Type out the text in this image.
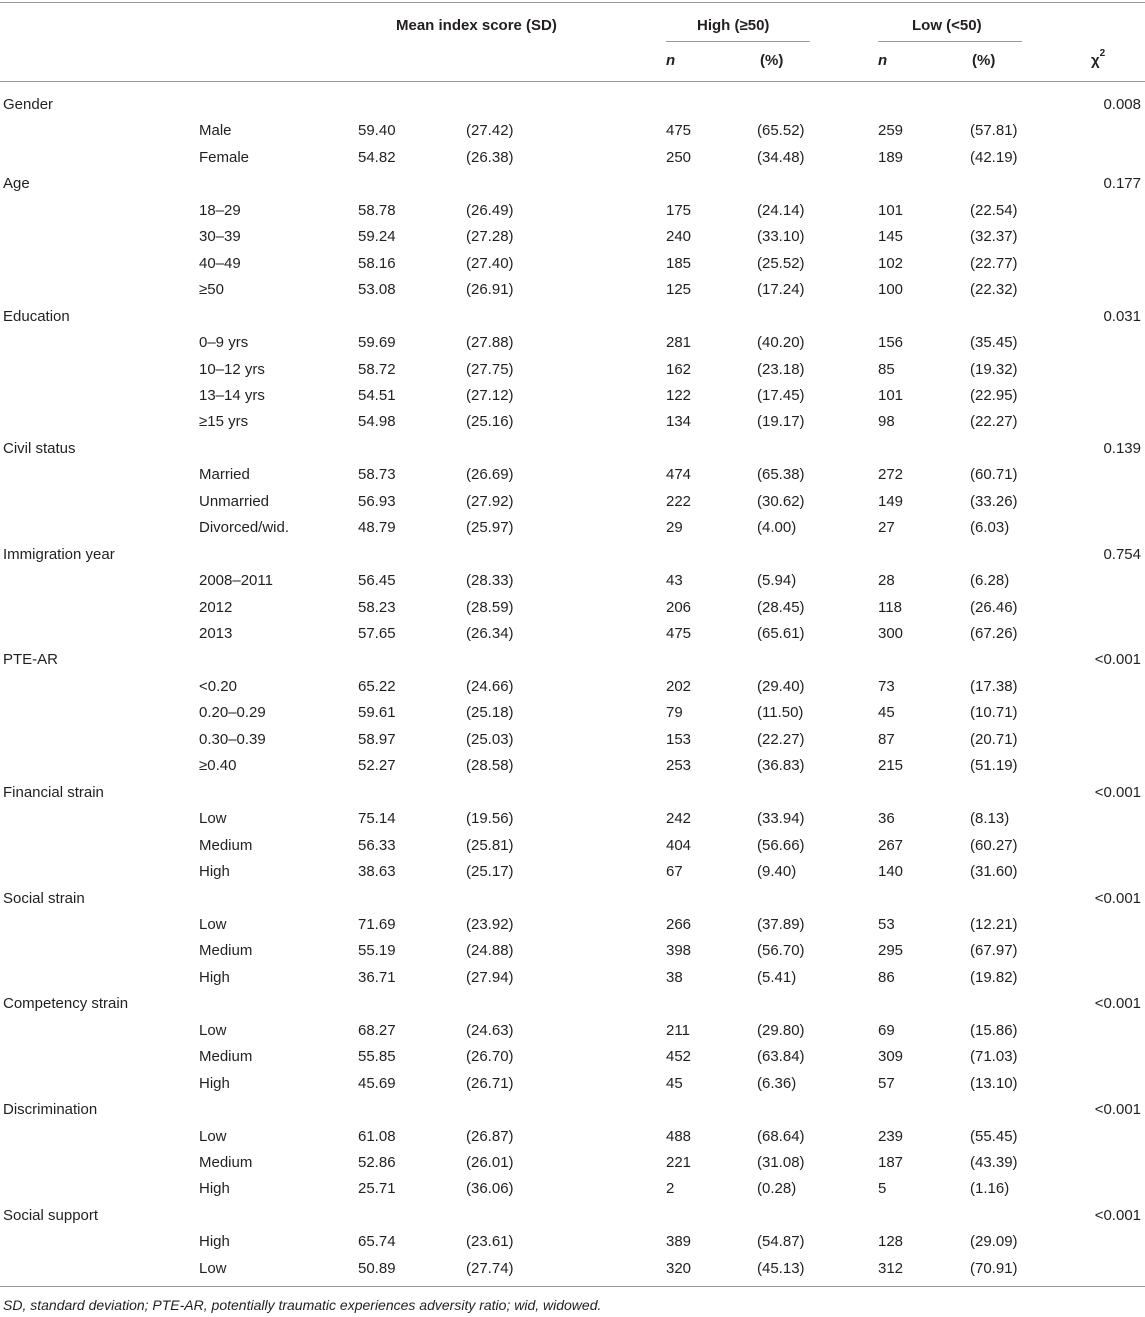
Mean index score (SD)	High (≥50)	Low (<50)
n	(%)	n	(%)	$\chi^2$
Gender	0.008
Male	59.40	(27.42)	475	(65.52)	259	(57.81)
Female	54.82	(26.38)	250	(34.48)	189	(42.19)
Age	0.177
18–29	58.78	(26.49)	175	(24.14)	101	(22.54)
30–39	59.24	(27.28)	240	(33.10)	145	(32.37)
40–49	58.16	(27.40)	185	(25.52)	102	(22.77)
≥50	53.08	(26.91)	125	(17.24)	100	(22.32)
Education	0.031
0–9 yrs	59.69	(27.88)	281	(40.20)	156	(35.45)
10–12 yrs	58.72	(27.75)	162	(23.18)	85	(19.32)
13–14 yrs	54.51	(27.12)	122	(17.45)	101	(22.95)
≥15 yrs	54.98	(25.16)	134	(19.17)	98	(22.27)
Civil status	0.139
Married	58.73	(26.69)	474	(65.38)	272	(60.71)
Unmarried	56.93	(27.92)	222	(30.62)	149	(33.26)
Divorced/wid.	48.79	(25.97)	29	(4.00)	27	(6.03)
Immigration year	0.754
2008–2011	56.45	(28.33)	43	(5.94)	28	(6.28)
2012	58.23	(28.59)	206	(28.45)	118	(26.46)
2013	57.65	(26.34)	475	(65.61)	300	(67.26)
PTE-AR	<0.001
<0.20	65.22	(24.66)	202	(29.40)	73	(17.38)
0.20–0.29	59.61	(25.18)	79	(11.50)	45	(10.71)
0.30–0.39	58.97	(25.03)	153	(22.27)	87	(20.71)
≥0.40	52.27	(28.58)	253	(36.83)	215	(51.19)
Financial strain	<0.001
Low	75.14	(19.56)	242	(33.94)	36	(8.13)
Medium	56.33	(25.81)	404	(56.66)	267	(60.27)
High	38.63	(25.17)	67	(9.40)	140	(31.60)
Social strain	<0.001
Low	71.69	(23.92)	266	(37.89)	53	(12.21)
Medium	55.19	(24.88)	398	(56.70)	295	(67.97)
High	36.71	(27.94)	38	(5.41)	86	(19.82)
Competency strain	<0.001
Low	68.27	(24.63)	211	(29.80)	69	(15.86)
Medium	55.85	(26.70)	452	(63.84)	309	(71.03)
High	45.69	(26.71)	45	(6.36)	57	(13.10)
Discrimination	<0.001
Low	61.08	(26.87)	488	(68.64)	239	(55.45)
Medium	52.86	(26.01)	221	(31.08)	187	(43.39)
High	25.71	(36.06)	2	(0.28)	5	(1.16)
Social support	<0.001
High	65.74	(23.61)	389	(54.87)	128	(29.09)
Low	50.89	(27.74)	320	(45.13)	312	(70.91)
SD, standard deviation; PTE-AR, potentially traumatic experiences adversity ratio; wid, widowed.
